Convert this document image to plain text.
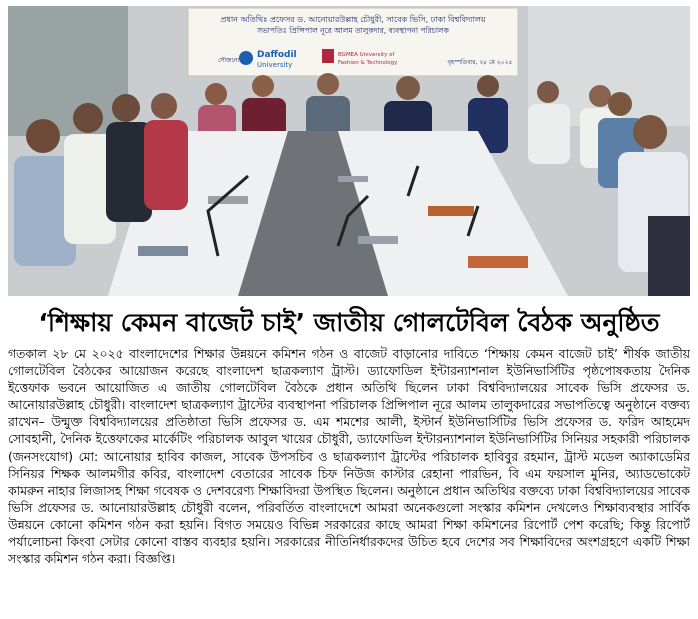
প্রধান অতিথিঃ প্রফেসর ড. আনোয়ারউল্লাহ চৌধুরী, সাবেক ভিসি, ঢাকা বিশ্ববিদ্যালয়
সভাপতিঃ প্রিন্সিপাল নূরে আলম তালুকদার, ব্যবস্থাপনা পরিচালক
সৌজন্যে
Daffodil
University
BGMEA University of
Fashion & Technology	বৃহস্পতিবার, ২৮ মে ২০২৫
‘শিক্ষায় কেমন বাজেট চাই’ জাতীয় গোলটেবিল বৈঠক অনুষ্ঠিত
গতকাল ২৮ মে ২০২৫ বাংলাদেশের শিক্ষার উন্নয়নে কমিশন গঠন ও বাজেট বাড়ানোর দাবিতে ‘শিক্ষায় কেমন বাজেট চাই’ শীর্ষক জাতীয় গোলটেবিল বৈঠকের আয়োজন করেছে বাংলাদেশ ছাত্রকল্যাণ ট্রাস্ট। ড্যাফোডিল ইন্টারন্যাশনাল ইউনিভার্সিটির পৃষ্ঠপোষকতায় দৈনিক ইত্তেফাক ভবনে আয়োজিত এ জাতীয় গোলটেবিল বৈঠকে প্রধান অতিথি ছিলেন ঢাকা বিশ্ববিদ্যালয়ের সাবেক ভিসি প্রফেসর ড. আনোয়ারউল্লাহ চৌধুরী। বাংলাদেশ ছাত্রকল্যাণ ট্রাস্টের ব্যবস্থাপনা পরিচালক প্রিন্সিপাল নূরে আলম তালুকদারের সভাপতিত্বে অনুষ্ঠানে বক্তব্য রাখেন– উন্মুক্ত বিশ্ববিদ্যালয়ের প্রতিষ্ঠাতা ভিসি প্রফেসর ড. এম শমশের আলী, ইস্টার্ন ইউনিভার্সিটির ভিসি প্রফেসর ড. ফরিদ আহমেদ সোবহানী, দৈনিক ইত্তেফাকের মার্কেটিং পরিচালক আবুল খায়ের চৌধুরী, ড্যাফোডিল ইন্টারন্যাশনাল ইউনিভার্সিটির সিনিয়র সহকারী পরিচালক (জনসংযোগ) মো: আনোয়ার হাবিব কাজল, সাবেক উপসচিব ও ছাত্রকল্যাণ ট্রাস্টের পরিচালক হাবিবুর রহমান, ট্রাস্ট মডেল অ্যাকাডেমির সিনিয়র শিক্ষক আলমগীর কবির, বাংলাদেশ বেতারের সাবেক চিফ নিউজ কাস্টার রেহানা পারভিন, বি এম ফয়সাল মুনির, অ্যাডভোকেট কামরুন নাহার লিজাসহ শিক্ষা গবেষক ও দেশবরেণ্য শিক্ষাবিদরা উপস্থিত ছিলেন। অনুষ্ঠানে প্রধান অতিথির বক্তব্যে ঢাকা বিশ্ববিদ্যালয়ের সাবেক ভিসি প্রফেসর ড. আনোয়ারউল্লাহ চৌধুরী বলেন, পরিবর্তিত বাংলাদেশে আমরা অনেকগুলো সংস্কার কমিশন দেখলেও শিক্ষাব্যবস্থার সার্বিক উন্নয়নে কোনো কমিশন গঠন করা হয়নি। বিগত সময়েও বিভিন্ন সরকারের কাছে আমরা শিক্ষা কমিশনের রিপোর্ট পেশ করেছি; কিন্তু রিপোর্ট পর্যালোচনা কিংবা সেটার কোনো বাস্তব ব্যবহার হয়নি। সরকারের নীতিনির্ধারকদের উচিত হবে দেশের সব শিক্ষাবিদের অংশগ্রহণে একটি শিক্ষা সংস্কার কমিশন গঠন করা। বিজ্ঞপ্তি।
